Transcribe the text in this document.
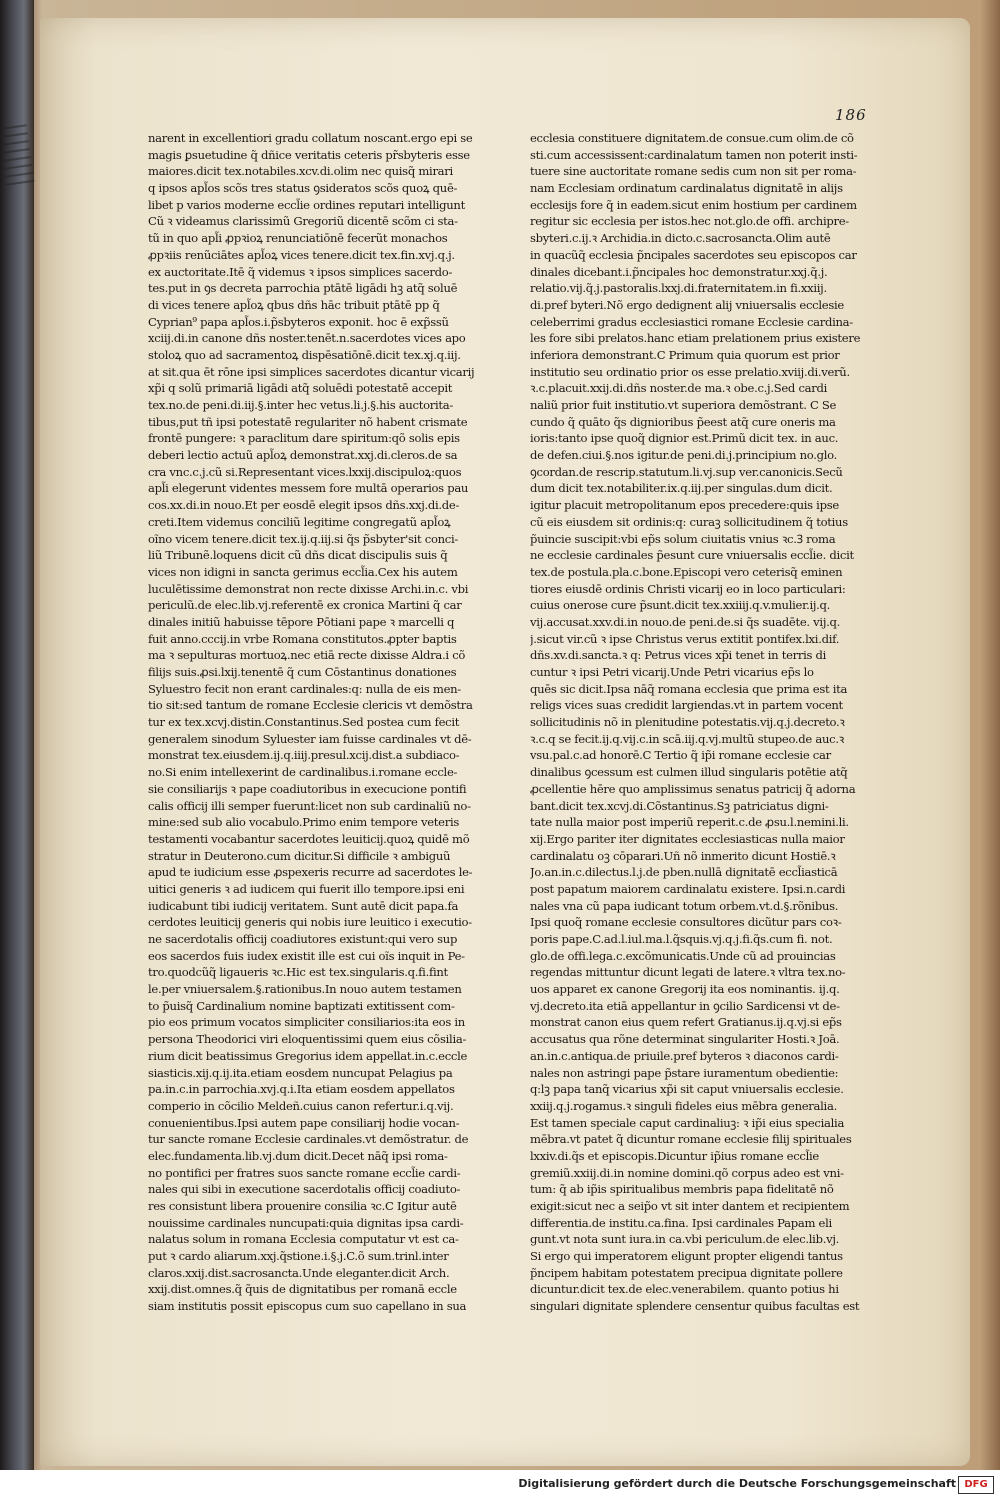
186
narent in excellentiori gradu collatum noscant.ergo epi se
magis ꝑsuetudine q̃ dñice veritatis ceteris pr̃sbyteris esse
maiores.dicit tex.notabiles.xcv.di.olim nec quisq̃ mirari
q ipsos apl̃os scõs tres status ꝯsideratos scõs quoꝝ quē-
libet p varios moderne eccl̃ie ordines reputari intelligunt
Cũ ꝛ videamus clarissimũ Gregoriũ dicentē scõm ci sta-
tũ in quo apl̃i ꝓpꝛioꝝ renunciatiōnē fecerũt monachos
ꝓpꝛiis renũciātes apl̃oꝝ vices tenere.dicit tex.fin.xvj.q.j.
ex auctoritate.Itē q̃ videmus ꝛ ipsos simplices sacerdo-
tes.put in ꝯs decreta parrochia ptātē ligādi hꝫ atq̃ soluē
di vices tenere apl̃oꝝ qbus dñs hāc tribuit ptātē pp q̃
Cyprian⁹ papa apl̃os.i.p̃sbyteros exponit. hoc ē exp̃ssũ
xciij.di.in canone dñs noster.tenēt.n.sacerdotes vices apo
stoloꝝ quo ad sacramentoꝝ dispēsatiōnē.dicit tex.xj.q.iij.
at sit.qua ēt rōne ipsi simplices sacerdotes dicantur vicarij
xp̃i q solũ primariā ligādi atq̃ soluēdi potestatē accepit
tex.no.de peni.di.iij.§.inter hec vetus.li.j.§.his auctorita-
tibus,put tñ ipsi potestatē regulariter nõ habent crismate
frontē pungere: ꝛ paraclitum dare spiritum:qõ solis epis
deberi lectio actuũ apl̃oꝝ demonstrat.xxj.di.cleros.de sa
cra vnc.c.j.cũ si.Representant vices.lxxij.discipuloꝝ:quos
apl̃i elegerunt videntes messem fore multā operarios pau
cos.xx.di.in nouo.Et per eosdē elegit ipsos dñs.xxj.di.de-
creti.Item videmus conciliũ legitime congregatũ apl̃oꝝ
oĩno vicem tenere.dicit tex.ij.q.iij.si q̃s p̃sbyter'sit conci-
liũ Tribunẽ.loquens dicit cũ dñs dicat discipulis suis q̃
vices non idigni in sancta gerimus eccl̃ia.Cex his autem
luculētissime demonstrat non recte dixisse Archi.in.c. vbi
periculũ.de elec.lib.vj.referentē ex cronica Martini q̃ car
dinales initiũ habuisse tēpore Pōtiani pape ꝛ marcelli q
fuit anno.cccij.in vrbe Romana constitutos.ꝓpter baptis
ma ꝛ sepulturas mortuoꝝ.nec etiā recte dixisse Aldra.i cõ
filijs suis.ꝓsi.lxij.tenentē q̃ cum Cōstantinus donationes
Syluestro fecit non erant cardinales:q: nulla de eis men-
tio sit:sed tantum de romane Ecclesie clericis vt demõstra
tur ex tex.xcvj.distin.Constantinus.Sed postea cum fecit
generalem sinodum Syluester iam fuisse cardinales vt dē-
monstrat tex.eiusdem.ij.q.iiij.presul.xcij.dist.a subdiaco-
no.Si enim intellexerint de cardinalibus.i.romane eccle-
sie consiliarijs ꝛ pape coadiutoribus in execucione pontifi
calis officij illi semper fuerunt:licet non sub cardinaliũ no-
mine:sed sub alio vocabulo.Primo enim tempore veteris
testamenti vocabantur sacerdotes leuiticij.quoꝝ quidē mõ
stratur in Deuterono.cum dicitur.Si difficile ꝛ ambiguũ
apud te iudicium esse ꝓspexeris recurre ad sacerdotes le-
uitici generis ꝛ ad iudicem qui fuerit illo tempore.ipsi eni
iudicabunt tibi iudicij veritatem. Sunt autē dicit papa.fa
cerdotes leuiticij generis qui nobis iure leuitico i executio-
ne sacerdotalis officij coadiutores existunt:qui vero sup
eos sacerdos fuis iudex existit ille est cui oĩs inquit in Pe-
tro.quodcũq̃ ligaueris ꝛc.Hic est tex.singularis.q.fi.fint
le.per vniuersalem.§.rationibus.In nouo autem testamen
to p̃uisq̃ Cardinalium nomine baptizati extitissent com-
pio eos primum vocatos simpliciter consiliarios:ita eos in
persona Theodorici viri eloquentissimi quem eius cõsilia-
rium dicit beatissimus Gregorius idem appellat.in.c.eccle
siasticis.xij.q.ij.ita.etiam eosdem nuncupat Pelagius pa
pa.in.c.in parrochia.xvj.q.i.Ita etiam eosdem appellatos
comperio in cõcilio Meldeñ.cuius canon refertur.i.q.vij.
conuenientibus.Ipsi autem pape consiliarij hodie vocan-
tur sancte romane Ecclesie cardinales.vt demõstratur. de
elec.fundamenta.lib.vj.dum dicit.Decet nāq̃ ipsi roma-
no pontifici per fratres suos sancte romane eccl̃ie cardi-
nales qui sibi in executione sacerdotalis officij coadiuto-
res consistunt libera prouenire consilia ꝛc.C Igitur autē
nouissime cardinales nuncupati:quia dignitas ipsa cardi-
nalatus solum in romana Ecclesia computatur vt est ca-
put ꝛ cardo aliarum.xxj.q̃stione.i.§.j.C.õ sum.trinl.inter
claros.xxij.dist.sacrosancta.Unde eleganter.dicit Arch.
xxij.dist.omnes.q̃ q̃uis de dignitatibus per romanā eccle
siam institutis possit episcopus cum suo capellano in sua
ecclesia constituere dignitatem.de consue.cum olim.de cõ
sti.cum accessissent:cardinalatum tamen non poterit insti-
tuere sine auctoritate romane sedis cum non sit per roma-
nam Ecclesiam ordinatum cardinalatus dignitatē in alijs
ecclesijs fore q̃ in eadem.sicut enim hostium per cardinem
regitur sic ecclesia per istos.hec not.glo.de offi. archipre-
sbyteri.c.ij.ꝛ Archidia.in dicto.c.sacrosancta.Olim autē
in quacũq̃ ecclesia p̃ncipales sacerdotes seu episcopos car
dinales dicebant.i.p̃ncipales hoc demonstratur.xxj.q̃.j.
relatio.vij.q̃.j.pastoralis.lxxj.di.fraternitatem.in fi.xxiij.
di.pref byteri.Nõ ergo dedignent alij vniuersalis ecclesie
celeberrimi gradus ecclesiastici romane Ecclesie cardina-
les fore sibi prelatos.hanc etiam prelationem prius existere
inferiora demonstrant.C Primum quia quorum est prior
institutio seu ordinatio prior os esse prelatio.xviij.di.verũ.
ꝛ.c.placuit.xxij.di.dñs noster.de ma.ꝛ obe.c.j.Sed cardi
naliũ prior fuit institutio.vt superiora demõstrant. C Se
cundo q̃ quāto q̃s dignioribus p̃eest atq̃ cure oneris ma
ioris:tanto ipse quoq̃ dignior est.Primũ dicit tex. in auc.
de defen.ciui.§.nos igitur.de peni.di.j.principium no.glo.
ꝯcordan.de rescrip.statutum.li.vj.sup ver.canonicis.Secũ
dum dicit tex.notabiliter.ix.q.iij.per singulas.dum dicit.
igitur placuit metropolitanum epos precedere:quis ipse
cũ eis eiusdem sit ordinis:q: curaꝫ sollicitudinem q̃ totius
p̃uincie suscipit:vbi ep̃s solum ciuitatis vnius ꝛc.Ꝫ roma
ne ecclesie cardinales p̃esunt cure vniuersalis eccl̃ie. dicit
tex.de postula.pla.c.bone.Episcopi vero ceterisq̃ eminen
tiores eiusdē ordinis Christi vicarij eo in loco particulari:
cuius onerose cure p̃sunt.dicit tex.xxiiij.q.v.mulier.ij.q.
vij.accusat.xxv.di.in nouo.de peni.de.si q̃s suadēte. vij.q.
j.sicut vir.cũ ꝛ ipse Christus verus extitit pontifex.lxi.dif.
dñs.xv.di.sancta.ꝛ q: Petrus vices xp̃i tenet in terris di
cuntur ꝛ ipsi Petri vicarij.Unde Petri vicarius ep̃s lo
quēs sic dicit.Ipsa nāq̃ romana ecclesia que prima est ita
religs vices suas credidit largiendas.vt in partem vocent
sollicitudinis nõ in plenitudine potestatis.vij.q.j.decreto.ꝛ
ꝛ.c.q se fecit.ij.q.vij.c.in scā.iij.q.vj.multũ stupeo.de auc.ꝛ
vsu.pal.c.ad honorē.C Tertio q̃ ip̃i romane ecclesie car
dinalibus ꝯcessum est culmen illud singularis potētie atq̃
ꝓcellentie hēre quo amplissimus senatus patricij q̃ adorna
bant.dicit tex.xcvj.di.Cõstantinus.Sꝫ patriciatus digni-
tate nulla maior post imperiũ reperit.c.de ꝓsu.l.nemini.li.
xij.Ergo pariter iter dignitates ecclesiasticas nulla maior
cardinalatu oꝫ cōparari.Uñ nõ inmerito dicunt Hostiē.ꝛ
Jo.an.in.c.dilectus.l.j.de pben.nullā dignitatē eccl̃iasticā
post papatum maiorem cardinalatu existere. Ipsi.n.cardi
nales vna cũ papa iudicant totum orbem.vt.d.§.rõnibus.
Ipsi quoq̃ romane ecclesie consultores dicũtur pars coꝛ-
poris pape.C.ad.l.iul.ma.l.q̃squis.vj.q.j.fi.q̃s.cum fi. not.
glo.de offi.lega.c.excõmunicatis.Unde cũ ad prouincias
regendas mittuntur dicunt legati de latere.ꝛ vltra tex.no-
uos apparet ex canone Gregorij ita eos nominantis. ij.q.
vj.decreto.ita etiā appellantur in ꝯcilio Sardicensi vt de-
monstrat canon eius quem refert Gratianus.ij.q.vj.si ep̃s
accusatus qua rõne determinat singulariter Hosti.ꝛ Joā.
an.in.c.antiqua.de priuile.pref byteros ꝛ diaconos cardi-
nales non astringi pape p̃stare iuramentum obedientie:
q:lꝫ papa tanq̃ vicarius xp̃i sit caput vniuersalis ecclesie.
xxiij.q.j.rogamus.ꝛ singuli fideles eius mēbra generalia.
Est tamen speciale caput cardinaliuꝫ: ꝛ ip̃i eius specialia
mēbra.vt patet q̃ dicuntur romane ecclesie filij spirituales
lxxiv.di.q̃s et episcopis.Dicuntur ip̃ius romane eccl̃ie
gremiũ.xxiij.di.in nomine domini.qõ corpus adeo est vni-
tum: q̃ ab ip̃is spiritualibus membris papa fidelitatē nõ
exigit:sicut nec a seip̃o vt sit inter dantem et recipientem
differentia.de institu.ca.fina. Ipsi cardinales Papam eli
gunt.vt nota sunt iura.in ca.vbi periculum.de elec.lib.vj.
Si ergo qui imperatorem eligunt propter eligendi tantus
p̃ncipem habitam potestatem precipua dignitate pollere
dicuntur.dicit tex.de elec.venerabilem. quanto potius hi
singulari dignitate splendere censentur quibus facultas est
Digitalisierung gefördert durch die Deutsche Forschungsgemeinschaft DFG
